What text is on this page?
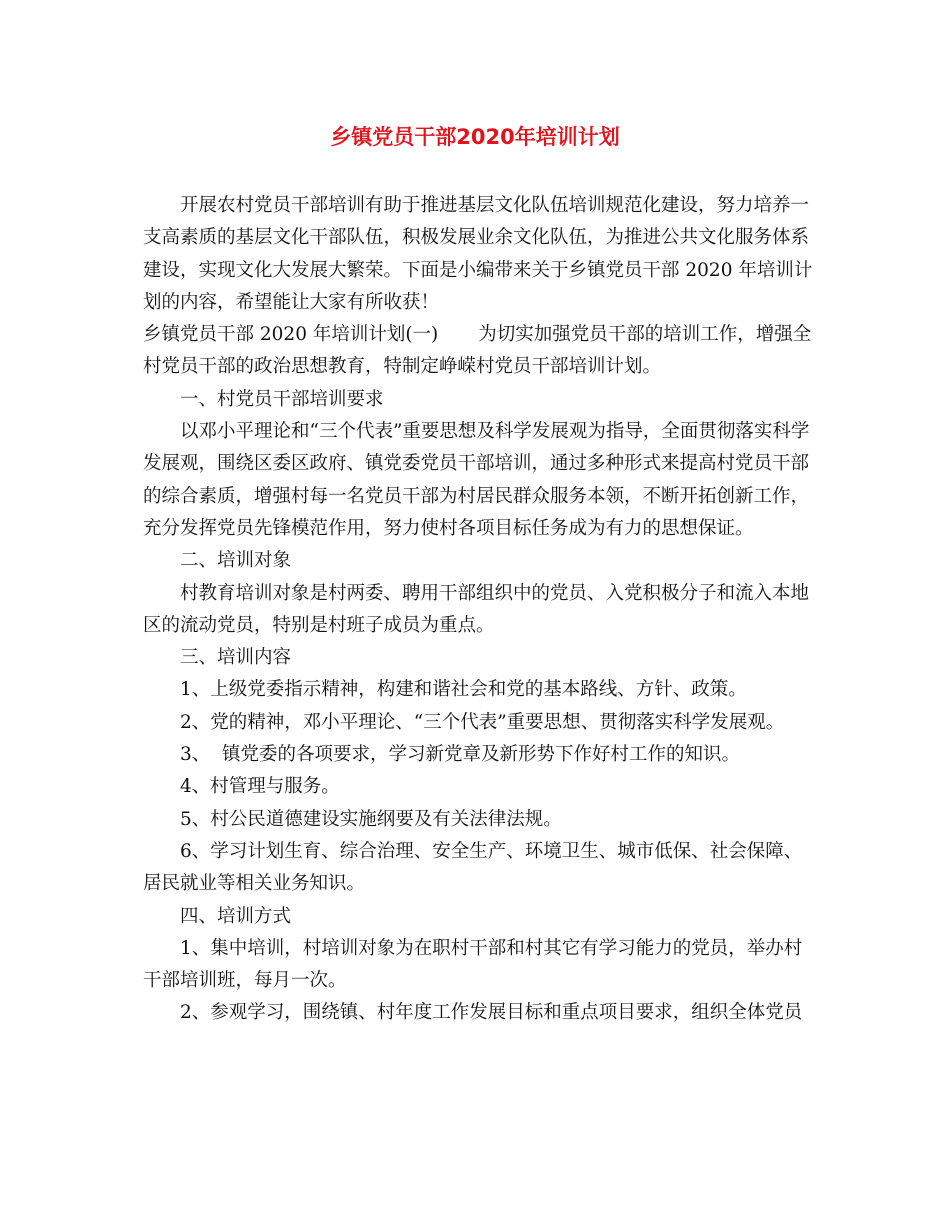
乡镇党员干部2020年培训计划

开展农村党员干部培训有助于推进基层文化队伍培训规范化建设，努力培养一支高素质的基层文化干部队伍，积极发展业余文化队伍，为推进公共文化服务体系建设，实现文化大发展大繁荣。下面是小编带来关于乡镇党员干部 2020 年培训计划的内容，希望能让大家有所收获！

乡镇党员干部 2020 年培训计划(一) 为切实加强党员干部的培训工作，增强全村党员干部的政治思想教育，特制定峥嵘村党员干部培训计划。

一、村党员干部培训要求

以邓小平理论和“三个代表”重要思想及科学发展观为指导，全面贯彻落实科学发展观，围绕区委区政府、镇党委党员干部培训，通过多种形式来提高村党员干部的综合素质，增强村每一名党员干部为村居民群众服务本领，不断开拓创新工作，充分发挥党员先锋模范作用，努力使村各项目标任务成为有力的思想保证。

二、培训对象

村教育培训对象是村两委、聘用干部组织中的党员、入党积极分子和流入本地区的流动党员，特别是村班子成员为重点。

三、培训内容

1、上级党委指示精神，构建和谐社会和党的基本路线、方针、政策。

2、党的精神，邓小平理论、“三个代表”重要思想、贯彻落实科学发展观。

3、  镇党委的各项要求，学习新党章及新形势下作好村工作的知识。

4、村管理与服务。

5、村公民道德建设实施纲要及有关法律法规。

6、学习计划生育、综合治理、安全生产、环境卫生、城市低保、社会保障、居民就业等相关业务知识。

四、培训方式

1、集中培训，村培训对象为在职村干部和村其它有学习能力的党员，举办村干部培训班，每月一次。

2、参观学习，围绕镇、村年度工作发展目标和重点项目要求，组织全体党员
